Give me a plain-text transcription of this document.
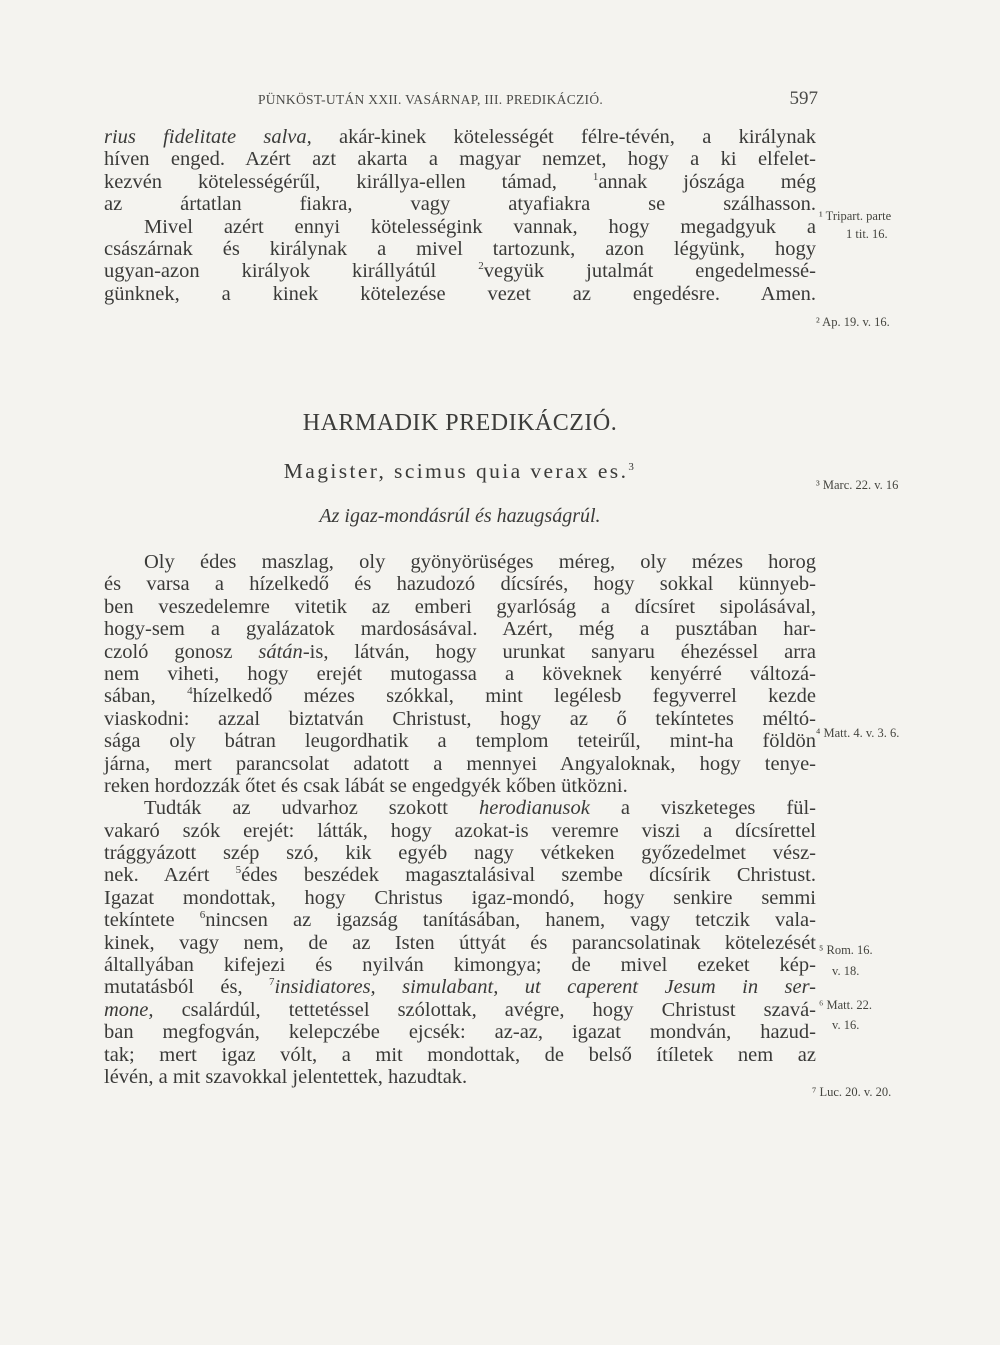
PÜNKÖST-UTÁN XXII. VASÁRNAP, III. PREDIKÁCZIÓ.	597
rius fidelitate salva, akár-kinek kötelességét félre-tévén, a királynak
híven enged. Azért azt akarta a magyar nemzet, hogy a ki elfelet-
kezvén kötelességérűl, királlya-ellen támad, $^1$annak jószága még
az ártatlan fiakra, vagy atyafiakra se szálhasson.
Mivel azért ennyi kötelességink vannak, hogy megadgyuk a
császárnak és királynak a mivel tartozunk, azon légyünk, hogy
ugyan-azon királyok királlyátúl $^2$vegyük jutalmát engedelmessé-
günknek, a kinek kötelezése vezet az engedésre. Amen.
HARMADIK PREDIKÁCZIÓ.
Magister, scimus quia verax es.$^3$
Az igaz-mondásrúl és hazugságrúl.
Oly édes maszlag, oly gyönyörüséges méreg, oly mézes horog
és varsa a hízelkedő és hazudozó dícsírés, hogy sokkal künnyeb-
ben veszedelemre vitetik az emberi gyarlóság a dícsíret sipolásával,
hogy-sem a gyalázatok mardosásával. Azért, még a pusztában har-
czoló gonosz sátán-is, látván, hogy urunkat sanyaru éhezéssel arra
nem viheti, hogy erejét mutogassa a köveknek kenyérré változá-
sában, $^4$hízelkedő mézes szókkal, mint legélesb fegyverrel kezde
viaskodni: azzal biztatván Christust, hogy az ő tekíntetes méltó-
sága oly bátran leugordhatik a templom teteirűl, mint-ha földön
járna, mert parancsolat adatott a mennyei Angyaloknak, hogy tenye-
reken hordozzák őtet és csak lábát se engedgyék kőben ütközni.
Tudták az udvarhoz szokott herodianusok a viszketeges fül-
vakaró szók erejét: látták, hogy azokat-is veremre viszi a dícsírettel
trággyázott szép szó, kik egyéb nagy vétkeken győzedelmet vész-
nek. Azért $^5$édes beszédek magasztalásival szembe dícsírik Christust.
Igazat mondottak, hogy Christus igaz-mondó, hogy senkire semmi
tekíntete $^6$nincsen az igazság tanításában, hanem, vagy tetczik vala-
kinek, vagy nem, de az Isten úttyát és parancsolatinak kötelezését
általlyában kifejezi és nyilván kimongya; de mivel ezeket kép-
mutatásból és, $^7$insidiatores, simulabant, ut caperent Jesum in ser-
mone, csalárdúl, tettetéssel szólottak, avégre, hogy Christust szavá-
ban megfogván, kelepczébe ejcsék: az-az, igazat mondván, hazud-
tak; mert igaz vólt, a mit mondottak, de belső ítíletek nem az
lévén, a mit szavokkal jelentettek, hazudtak.
¹ Tripart. parte
1 tit. 16.
² Ap. 19. v. 16.
³ Marc. 22. v. 16
⁴ Matt. 4. v. 3. 6.
⁵ Rom. 16.
v. 18.
⁶ Matt. 22.
v. 16.
⁷ Luc. 20. v. 20.
